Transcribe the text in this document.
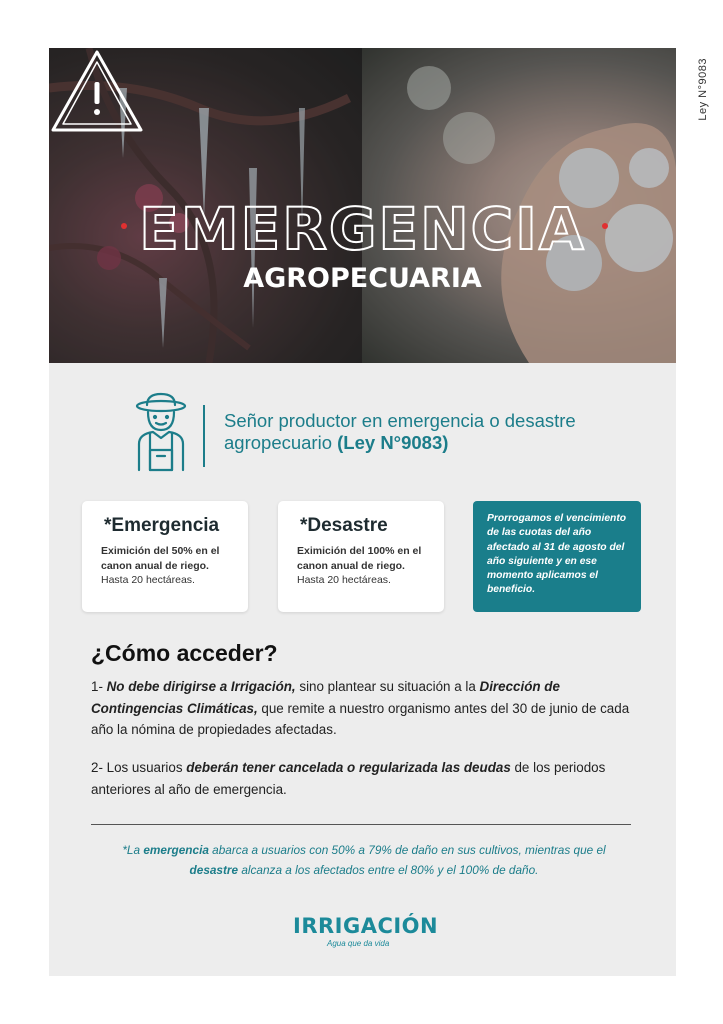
Ley N°9083
EMERGENCIA
AGROPECUARIA
Señor productor en emergencia o desastre agropecuario (Ley N°9083)
*Emergencia
Eximición del 50% en el canon anual de riego.
Hasta 20 hectáreas.
*Desastre
Eximición del 100% en el canon anual de riego.
Hasta 20 hectáreas.

Prorrogamos el vencimiento de las cuotas del año afectado al 31 de agosto del año siguiente y en ese momento aplicamos el beneficio.

¿Cómo acceder?

1- No debe dirigirse a Irrigación, sino plantear su situación a la Dirección de Contingencias Climáticas, que remite a nuestro organismo antes del 30 de junio de cada año la nómina de propiedades afectadas.

2- Los usuarios deberán tener cancelada o regularizada las deudas de los periodos anteriores al año de emergencia.

*La emergencia abarca a usuarios con 50% a 79% de daño en sus cultivos, mientras que el desastre alcanza a los afectados entre el 80% y el 100% de daño.

IRRIGACIÓN
Agua que da vida
